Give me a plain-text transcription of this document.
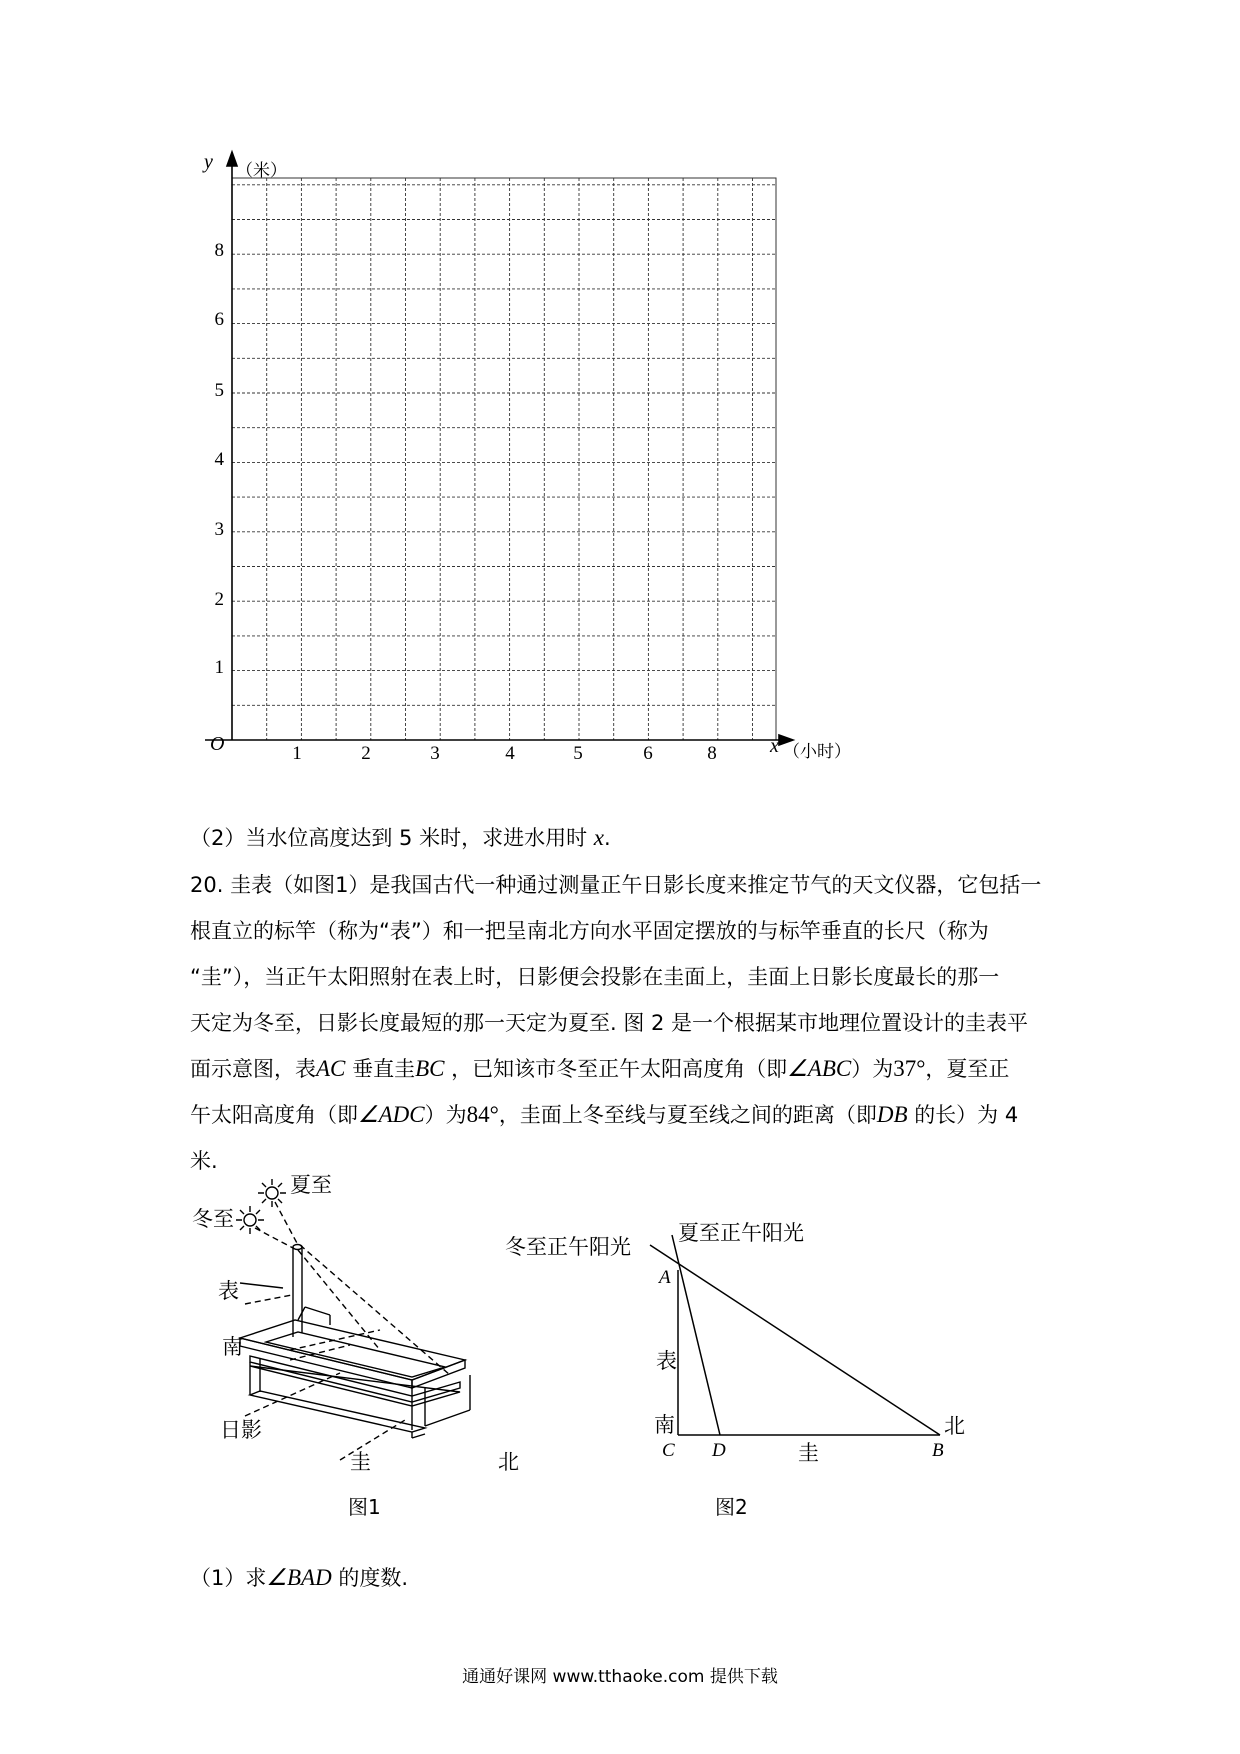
y （米）
x （小时）
O	1	2	3	4	5	6	8
8
6
5
4
3
2
1
（2）当水位高度达到 5 米时，求进水用时 x.
20. 圭表（如图1）是我国古代一种通过测量正午日影长度来推定节气的天文仪器，它包括一
根直立的标竿（称为“表”）和一把呈南北方向水平固定摆放的与标竿垂直的长尺（称为
“圭”），当正午太阳照射在表上时，日影便会投影在圭面上，圭面上日影长度最长的那一
天定为冬至，日影长度最短的那一天定为夏至. 图 2 是一个根据某市地理位置设计的圭表平
面示意图，表AC 垂直圭BC ，已知该市冬至正午太阳高度角（即∠ABC）为37°，夏至正
午太阳高度角（即∠ADC）为84°，圭面上冬至线与夏至线之间的距离（即DB 的长）为 4
米.
夏至
冬至
表
南
日影
圭	北
图1
冬至正午阳光
夏至正午阳光
A
表
南
C D	圭	B
北
图2
（1）求∠BAD 的度数.
通通好课网 www.tthaoke.com 提供下载
